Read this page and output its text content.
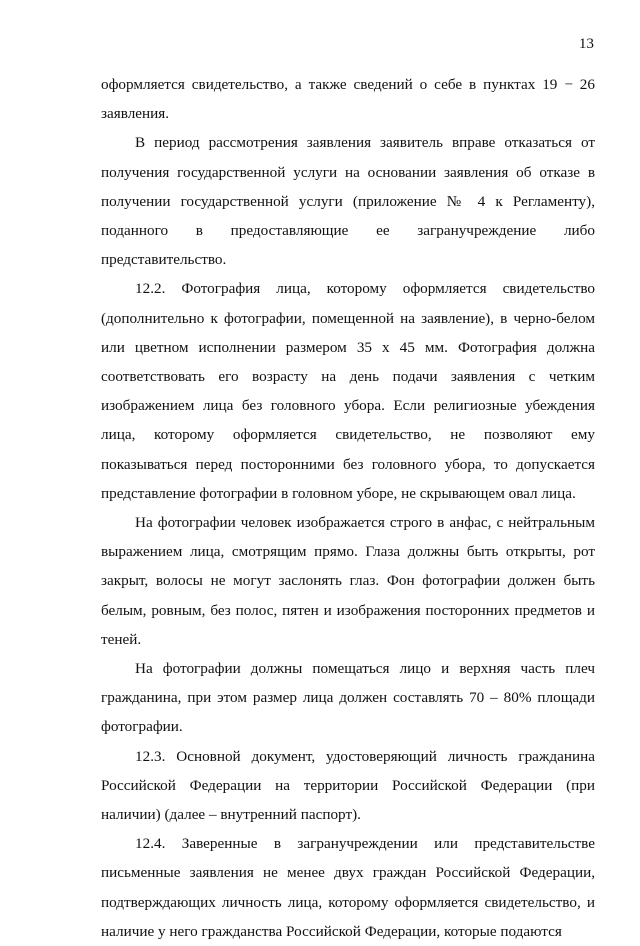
13

оформляется свидетельство, а также сведений о себе в пунктах 19 − 26 заявления.

В период рассмотрения заявления заявитель вправе отказаться от получения государственной услуги на основании заявления об отказе в получении государственной услуги (приложение № 4 к Регламенту), поданного в предоставляющие ее загранучреждение либо представительство.

12.2. Фотография лица, которому оформляется свидетельство (дополнительно к фотографии, помещенной на заявление), в черно-белом или цветном исполнении размером 35 x 45 мм. Фотография должна соответствовать его возрасту на день подачи заявления с четким изображением лица без головного убора. Если религиозные убеждения лица, которому оформляется свидетельство, не позволяют ему показываться перед посторонними без головного убора, то допускается представление фотографии в головном уборе, не скрывающем овал лица.

На фотографии человек изображается строго в анфас, с нейтральным выражением лица, смотрящим прямо. Глаза должны быть открыты, рот закрыт, волосы не могут заслонять глаз. Фон фотографии должен быть белым, ровным, без полос, пятен и изображения посторонних предметов и теней.

На фотографии должны помещаться лицо и верхняя часть плеч гражданина, при этом размер лица должен составлять 70 – 80% площади фотографии.

12.3. Основной документ, удостоверяющий личность гражданина Российской Федерации на территории Российской Федерации (при наличии) (далее – внутренний паспорт).

12.4. Заверенные в загранучреждении или представительстве письменные заявления не менее двух граждан Российской Федерации, подтверждающих личность лица, которому оформляется свидетельство, и наличие у него гражданства Российской Федерации, которые подаются
